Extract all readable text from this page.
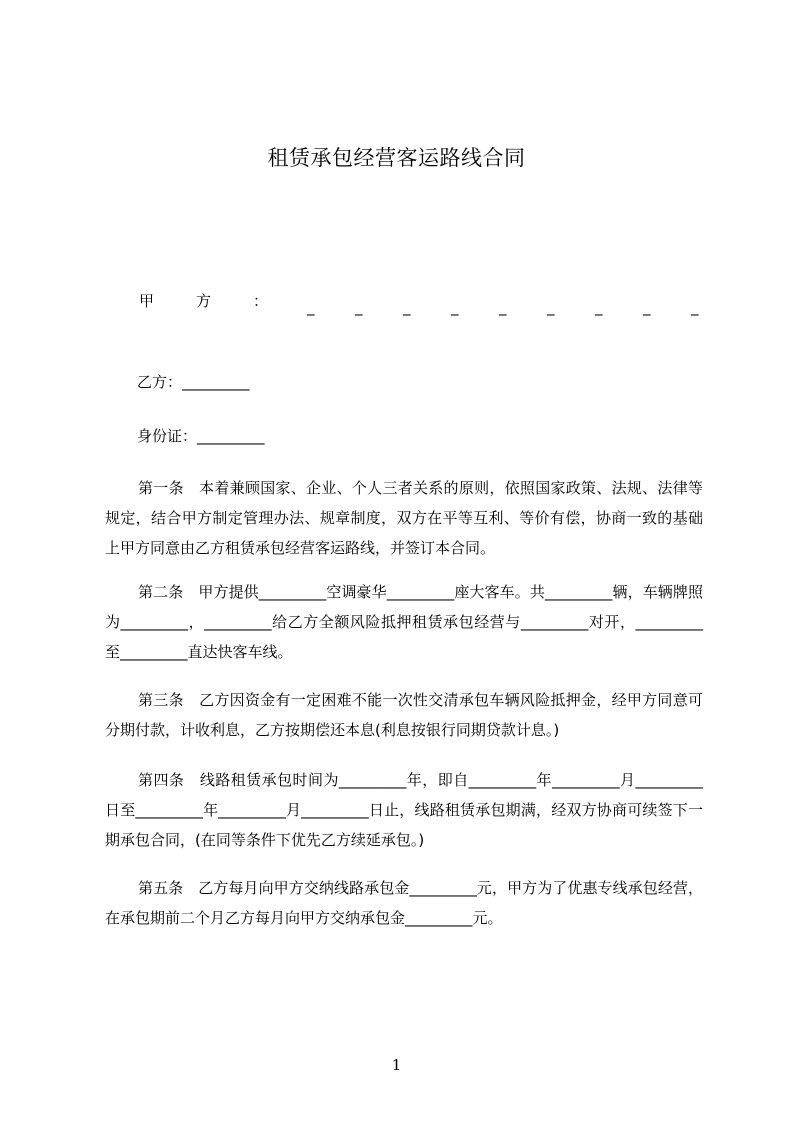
租赁承包经营客运路线合同
甲	方	：	_	_	_	_	_	_	_	_	_
乙方：_________
身份证：_________
第一条　本着兼顾国家、企业、个人三者关系的原则，依照国家政策、法规、法律等规定，结合甲方制定管理办法、规章制度，双方在平等互利、等价有偿，协商一致的基础上甲方同意由乙方租赁承包经营客运路线，并签订本合同。
第二条　甲方提供_________空调豪华_________座大客车。共_________辆，车辆牌照为_________，_________给乙方全额风险抵押租赁承包经营与_________对开，_________至_________直达快客车线。
第三条　乙方因资金有一定困难不能一次性交清承包车辆风险抵押金，经甲方同意可分期付款，计收利息，乙方按期偿还本息(利息按银行同期贷款计息。)
第四条　线路租赁承包时间为_________年，即自_________年_________月_________日至_________年_________月_________日止，线路租赁承包期满，经双方协商可续签下一期承包合同，(在同等条件下优先乙方续延承包。)
第五条　乙方每月向甲方交纳线路承包金_________元，甲方为了优惠专线承包经营，在承包期前二个月乙方每月向甲方交纳承包金_________元。
1
